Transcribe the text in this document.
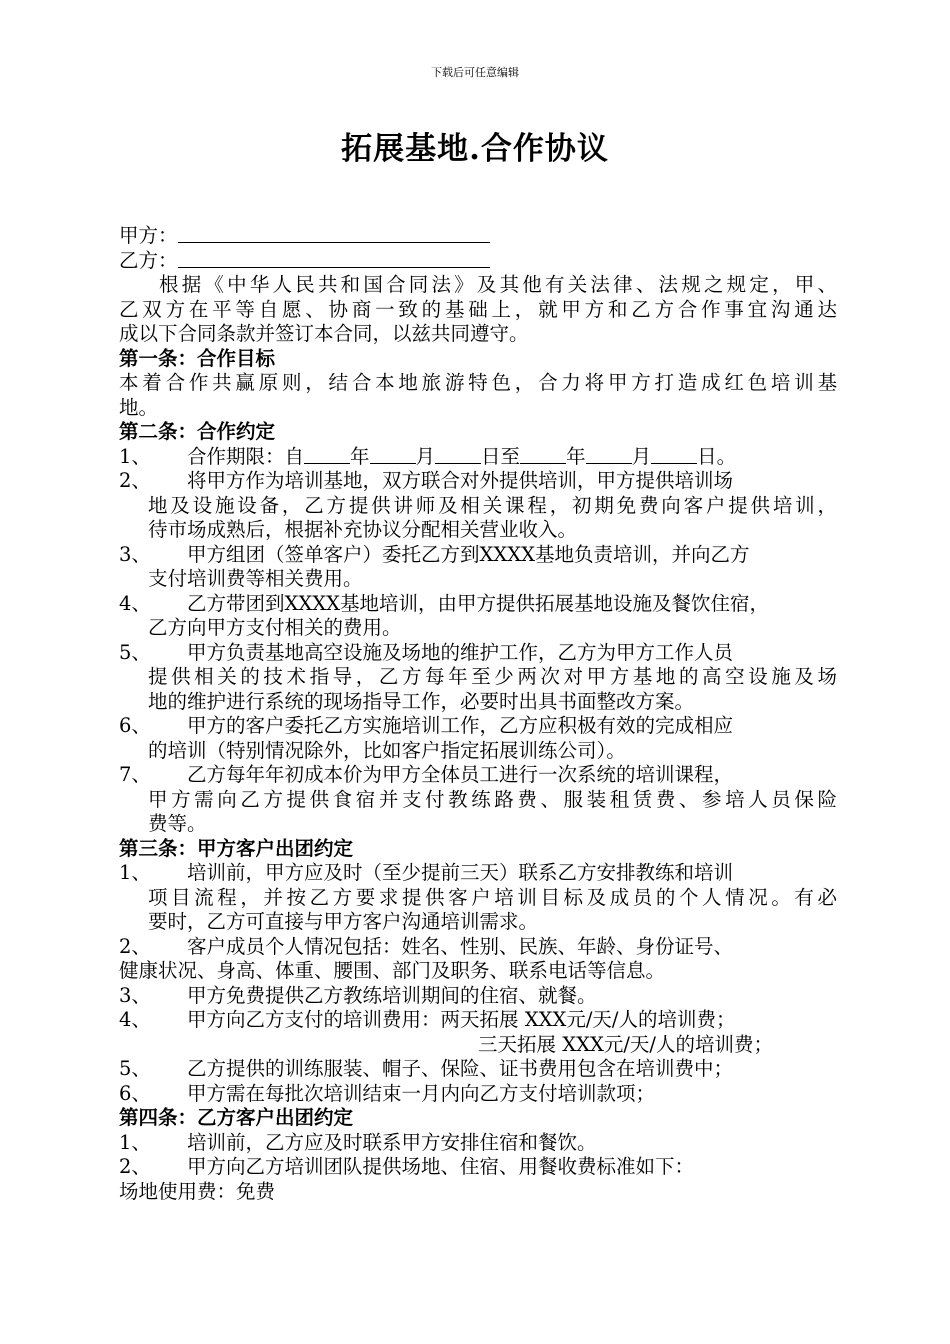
下载后可任意编辑
拓展基地.合作协议
甲方：
乙方：
根据《中华人民共和国合同法》及其他有关法律、法规之规定，甲、
乙双方在平等自愿、协商一致的基础上，就甲方和乙方合作事宜沟通达
成以下合同条款并签订本合同，以兹共同遵守。
第一条：合作目标
本着合作共赢原则，结合本地旅游特色，合力将甲方打造成红色培训基
地。
第二条：合作约定
1、	合作期限：自 年 月 日至 年 月 日。
2、	将甲方作为培训基地，双方联合对外提供培训，甲方提供培训场
地及设施设备，乙方提供讲师及相关课程，初期免费向客户提供培训，
待市场成熟后，根据补充协议分配相关营业收入。
3、	甲方组团（签单客户）委托乙方到XXXX基地负责培训，并向乙方
支付培训费等相关费用。
4、	乙方带团到XXXX基地培训，由甲方提供拓展基地设施及餐饮住宿，
乙方向甲方支付相关的费用。
5、	甲方负责基地高空设施及场地的维护工作，乙方为甲方工作人员
提供相关的技术指导，乙方每年至少两次对甲方基地的高空设施及场
地的维护进行系统的现场指导工作，必要时出具书面整改方案。
6、	甲方的客户委托乙方实施培训工作，乙方应积极有效的完成相应
的培训（特别情况除外，比如客户指定拓展训练公司）。
7、	乙方每年年初成本价为甲方全体员工进行一次系统的培训课程，
甲方需向乙方提供食宿并支付教练路费、服装租赁费、参培人员保险
费等。
第三条：甲方客户出团约定
1、	培训前，甲方应及时（至少提前三天）联系乙方安排教练和培训
项目流程，并按乙方要求提供客户培训目标及成员的个人情况。有必
要时，乙方可直接与甲方客户沟通培训需求。
2、	客户成员个人情况包括：姓名、性别、民族、年龄、身份证号、
健康状况、身高、体重、腰围、部门及职务、联系电话等信息。
3、	甲方免费提供乙方教练培训期间的住宿、就餐。
4、	甲方向乙方支付的培训费用：两天拓展 XXX元/天/人的培训费；
三天拓展 XXX元/天/人的培训费；
5、	乙方提供的训练服装、帽子、保险、证书费用包含在培训费中；
6、	甲方需在每批次培训结束一月内向乙方支付培训款项；
第四条：乙方客户出团约定
1、	培训前，乙方应及时联系甲方安排住宿和餐饮。
2、	甲方向乙方培训团队提供场地、住宿、用餐收费标准如下：
场地使用费：免费
